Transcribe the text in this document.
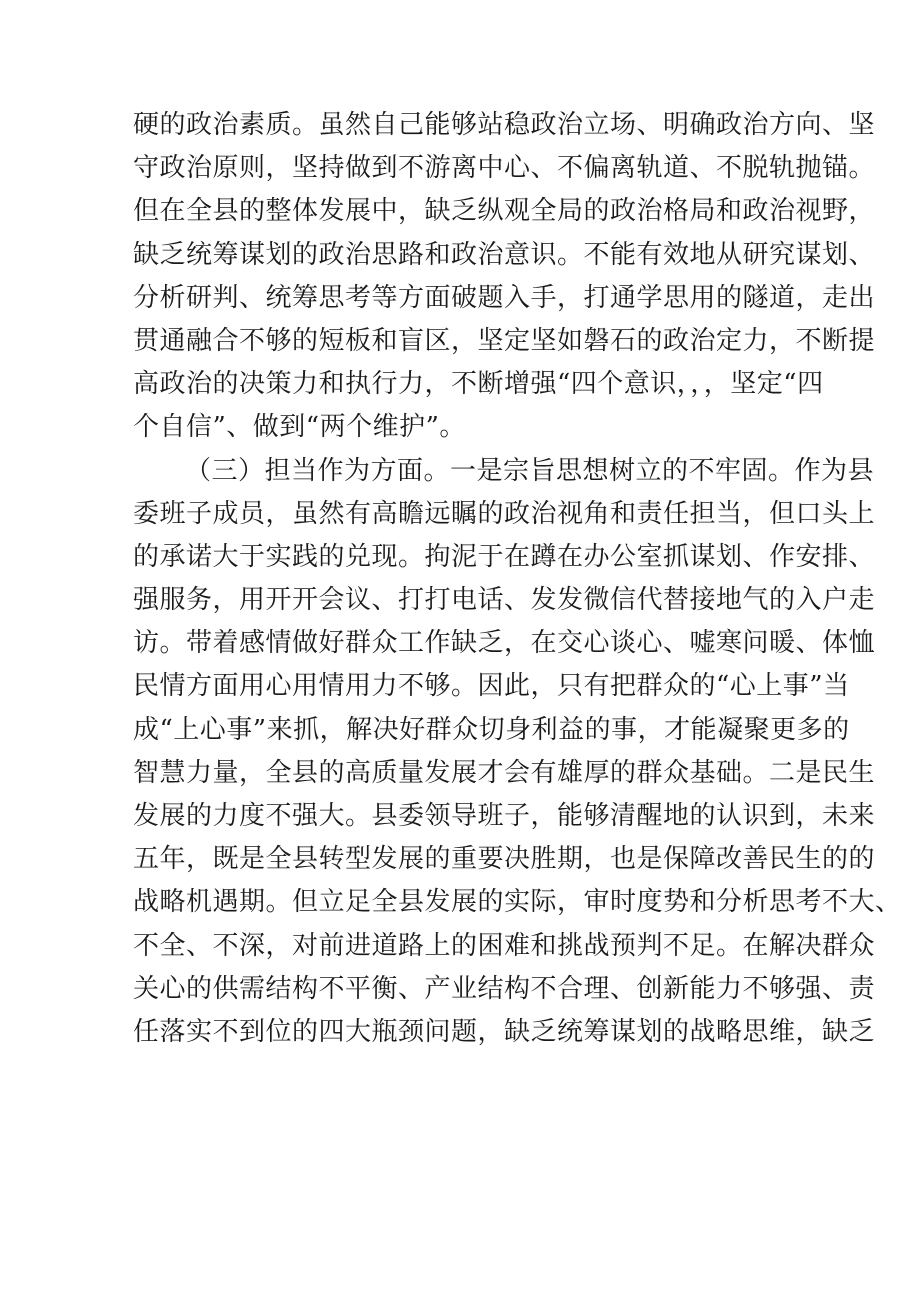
硬的政治素质。虽然自己能够站稳政治立场、明确政治方向、坚
守政治原则，坚持做到不游离中心、不偏离轨道、不脱轨抛锚。
但在全县的整体发展中，缺乏纵观全局的政治格局和政治视野，
缺乏统筹谋划的政治思路和政治意识。不能有效地从研究谋划、
分析研判、统筹思考等方面破题入手，打通学思用的隧道，走出
贯通融合不够的短板和盲区，坚定坚如磐石的政治定力，不断提
高政治的决策力和执行力，不断增强“四个意识，，，坚定“四
个自信”、做到“两个维护”。
（三）担当作为方面。一是宗旨思想树立的不牢固。作为县
委班子成员，虽然有高瞻远瞩的政治视角和责任担当，但口头上
的承诺大于实践的兑现。拘泥于在蹲在办公室抓谋划、作安排、
强服务，用开开会议、打打电话、发发微信代替接地气的入户走
访。带着感情做好群众工作缺乏，在交心谈心、嘘寒问暖、体恤
民情方面用心用情用力不够。因此，只有把群众的“心上事”当
成“上心事”来抓，解决好群众切身利益的事，才能凝聚更多的
智慧力量，全县的高质量发展才会有雄厚的群众基础。二是民生
发展的力度不强大。县委领导班子，能够清醒地的认识到，未来
五年，既是全县转型发展的重要决胜期，也是保障改善民生的的
战略机遇期。但立足全县发展的实际，审时度势和分析思考不大、
不全、不深，对前进道路上的困难和挑战预判不足。在解决群众
关心的供需结构不平衡、产业结构不合理、创新能力不够强、责
任落实不到位的四大瓶颈问题，缺乏统筹谋划的战略思维，缺乏
